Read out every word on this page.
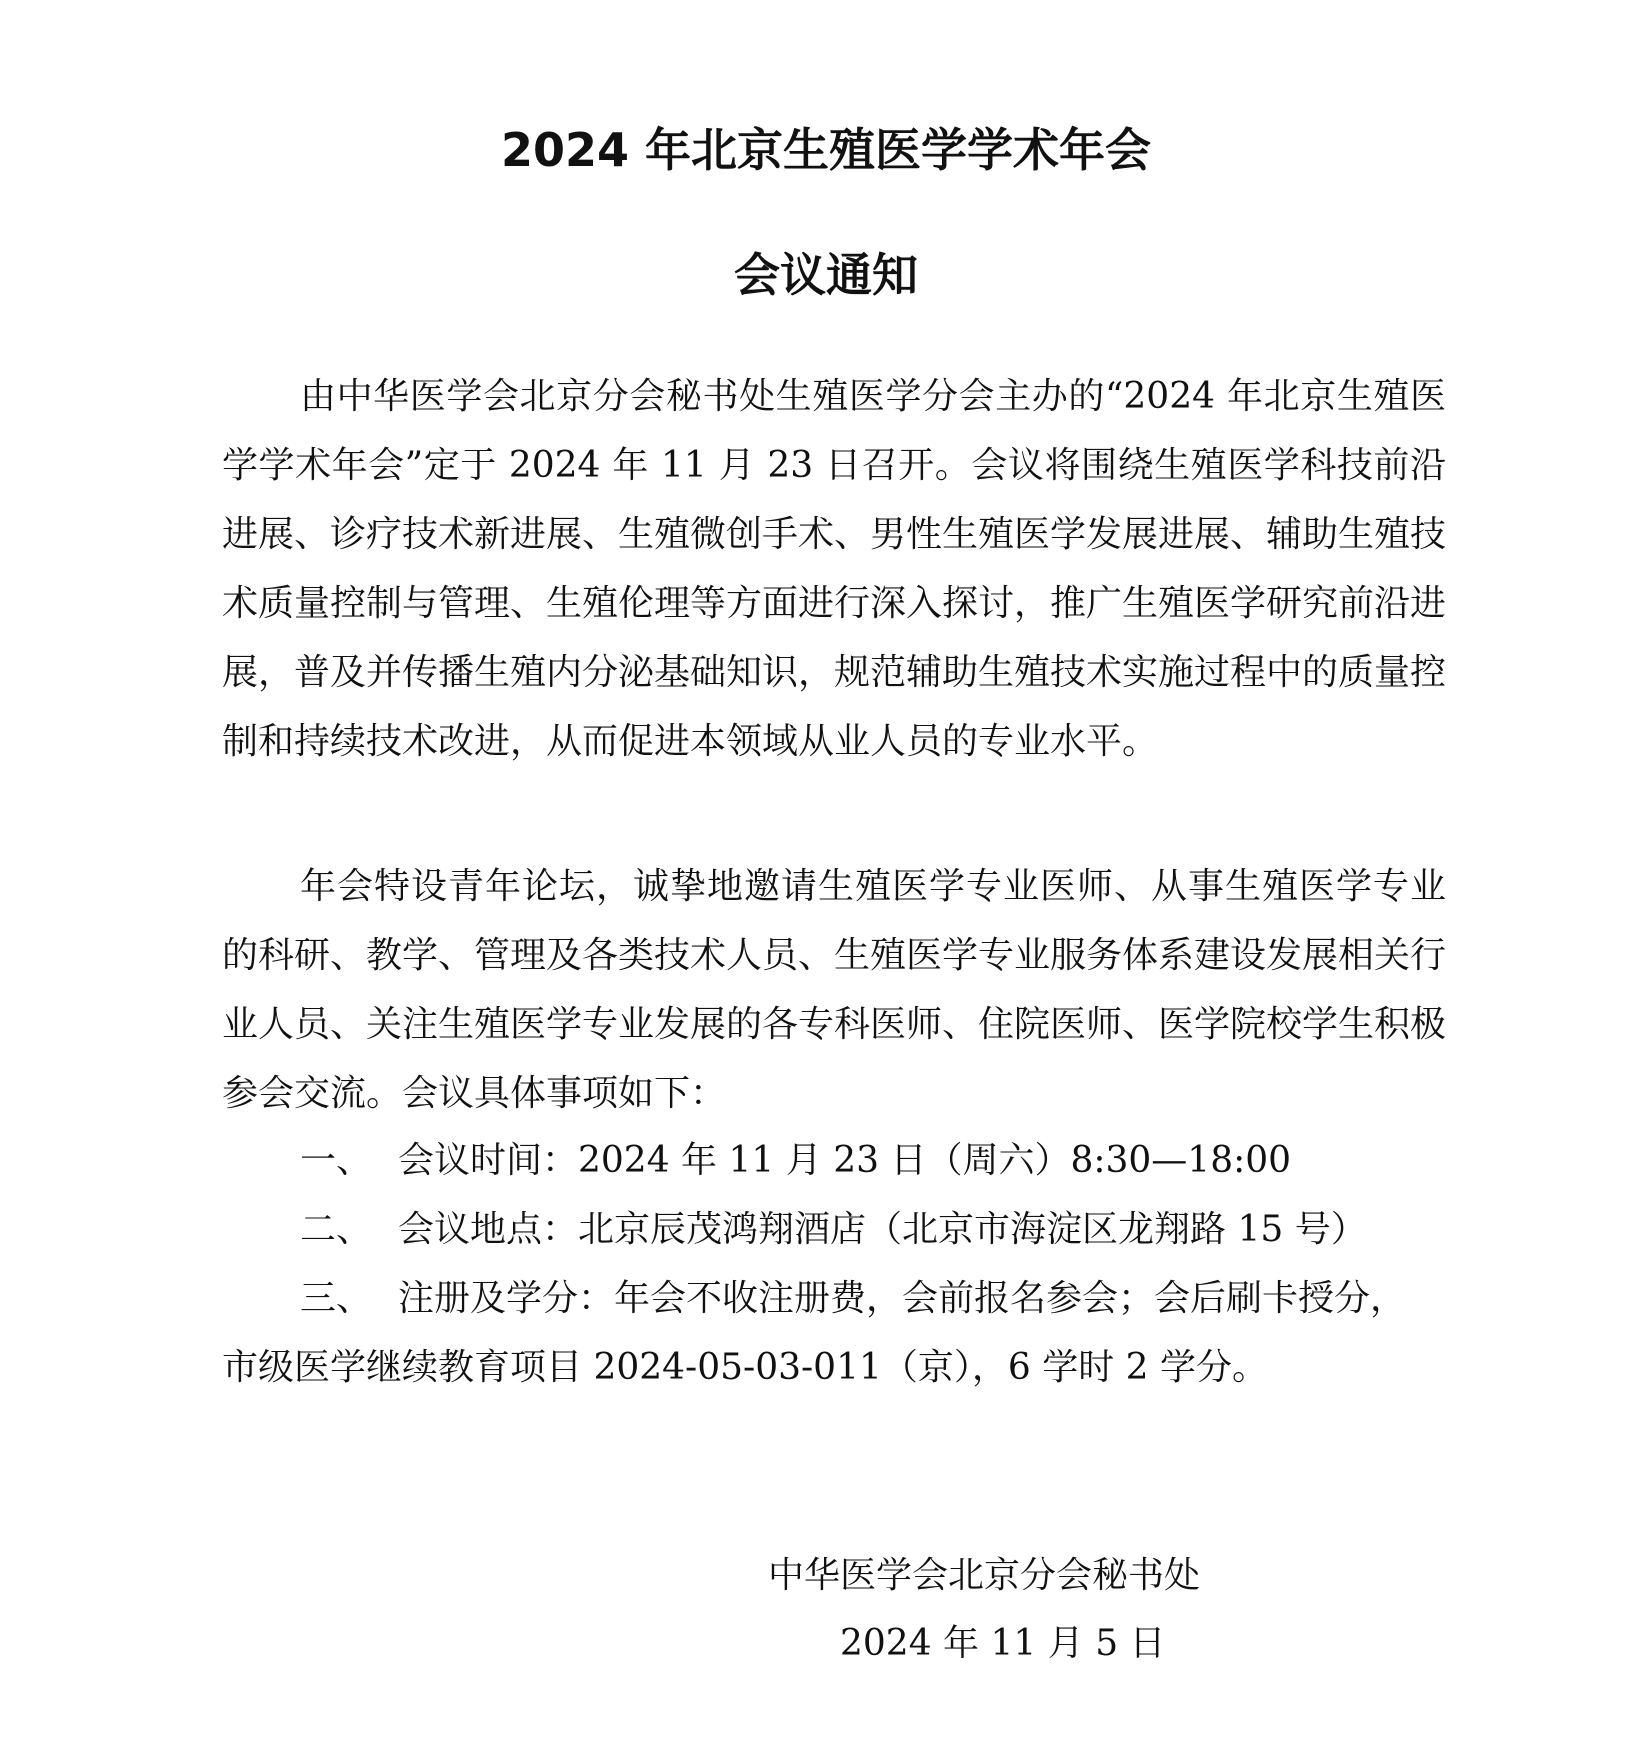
2024 年北京生殖医学学术年会
会议通知

由中华医学会北京分会秘书处生殖医学分会主办的“2024 年北京生殖医学学术年会”定于 2024 年 11 月 23 日召开。会议将围绕生殖医学科技前沿进展、诊疗技术新进展、生殖微创手术、男性生殖医学发展进展、辅助生殖技术质量控制与管理、生殖伦理等方面进行深入探讨，推广生殖医学研究前沿进展，普及并传播生殖内分泌基础知识，规范辅助生殖技术实施过程中的质量控制和持续技术改进，从而促进本领域从业人员的专业水平。

年会特设青年论坛，诚挚地邀请生殖医学专业医师、从事生殖医学专业的科研、教学、管理及各类技术人员、生殖医学专业服务体系建设发展相关行业人员、关注生殖医学专业发展的各专科医师、住院医师、医学院校学生积极参会交流。会议具体事项如下：

一、 会议时间：2024 年 11 月 23 日（周六）8:30—18:00
二、 会议地点：北京辰茂鸿翔酒店（北京市海淀区龙翔路 15 号）
三、 注册及学分：年会不收注册费，会前报名参会；会后刷卡授分，
市级医学继续教育项目 2024-05-03-011（京），6 学时 2 学分。
中华医学会北京分会秘书处
2024 年 11 月 5 日
